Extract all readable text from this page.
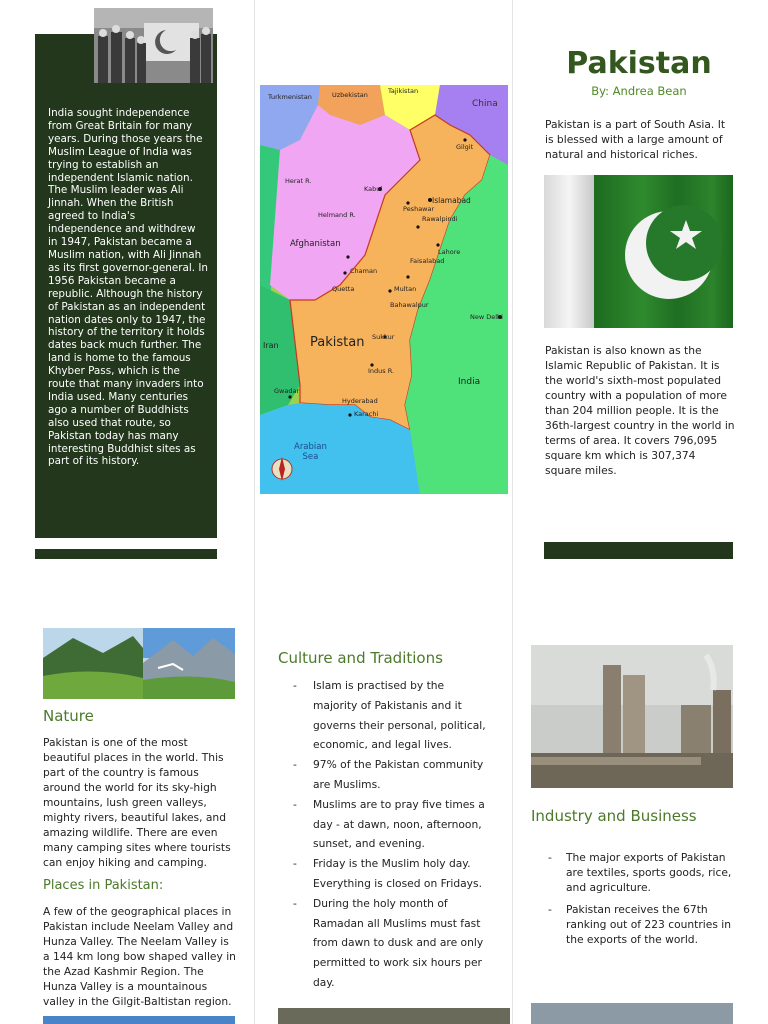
India sought independence from Great Britain for many years. During those years the Muslim League of India was trying to establish an independent Islamic nation. The Muslim leader was Ali Jinnah. When the British agreed to India's independence and withdrew in 1947, Pakistan became a Muslim nation, with Ali Jinnah as its first governor-general. In 1956 Pakistan became a republic. Although the history of Pakistan as an independent nation dates only to 1947, the history of the territory it holds dates back much further. The land is home to the famous Khyber Pass, which is the route that many invaders into India used. Many centuries ago a number of Buddhists also used that route, so Pakistan today has many interesting Buddhist sites as part of its history.
Turkmenistan	Uzbekistan	Tajikistan
China
Afghanistan
Pakistan
India
Iran
Arabian
Sea
Kabul
Islamabad
Peshawar
Lahore
Quetta
Karachi
Multan
New Delhi
Hyderabad
Faisalabad
Rawalpindi
Gwadar
Sukkur
Bahawalpur
Chaman
Gilgit
Herat R.
Helmand R.
Indus R.
Pakistan
By: Andrea Bean
Pakistan is a part of South Asia. It is blessed with a large amount of natural and historical riches.
Pakistan is also known as the Islamic Republic of Pakistan. It is the world's sixth-most populated country with a population of more than 204 million people. It is the 36th-largest country in the world in terms of area. It covers 796,095 square km which is 307,374 square miles.
Nature
Pakistan is one of the most beautiful places in the world. This part of the country is famous around the world for its sky-high mountains, lush green valleys, mighty rivers, beautiful lakes, and amazing wildlife. There are even many camping sites where tourists can enjoy hiking and camping.
Places in Pakistan:
A few of the geographical places in Pakistan include Neelam Valley and Hunza Valley. The Neelam Valley is a 144 km long bow shaped valley in the Azad Kashmir Region. The Hunza Valley is a mountainous valley in the Gilgit-Baltistan region.
Culture and Traditions
- Islam is practised by the majority of Pakistanis and it governs their personal, political, economic, and legal lives.
- 97% of the Pakistan community are Muslims.
- Muslims are to pray five times a day - at dawn, noon, afternoon, sunset, and evening.
- Friday is the Muslim holy day. Everything is closed on Fridays.
- During the holy month of Ramadan all Muslims must fast from dawn to dusk and are only permitted to work six hours per day.
Industry and Business
- The major exports of Pakistan are textiles, sports goods, rice, and agriculture.
- Pakistan receives the 67th ranking out of 223 countries in the exports of the world.
